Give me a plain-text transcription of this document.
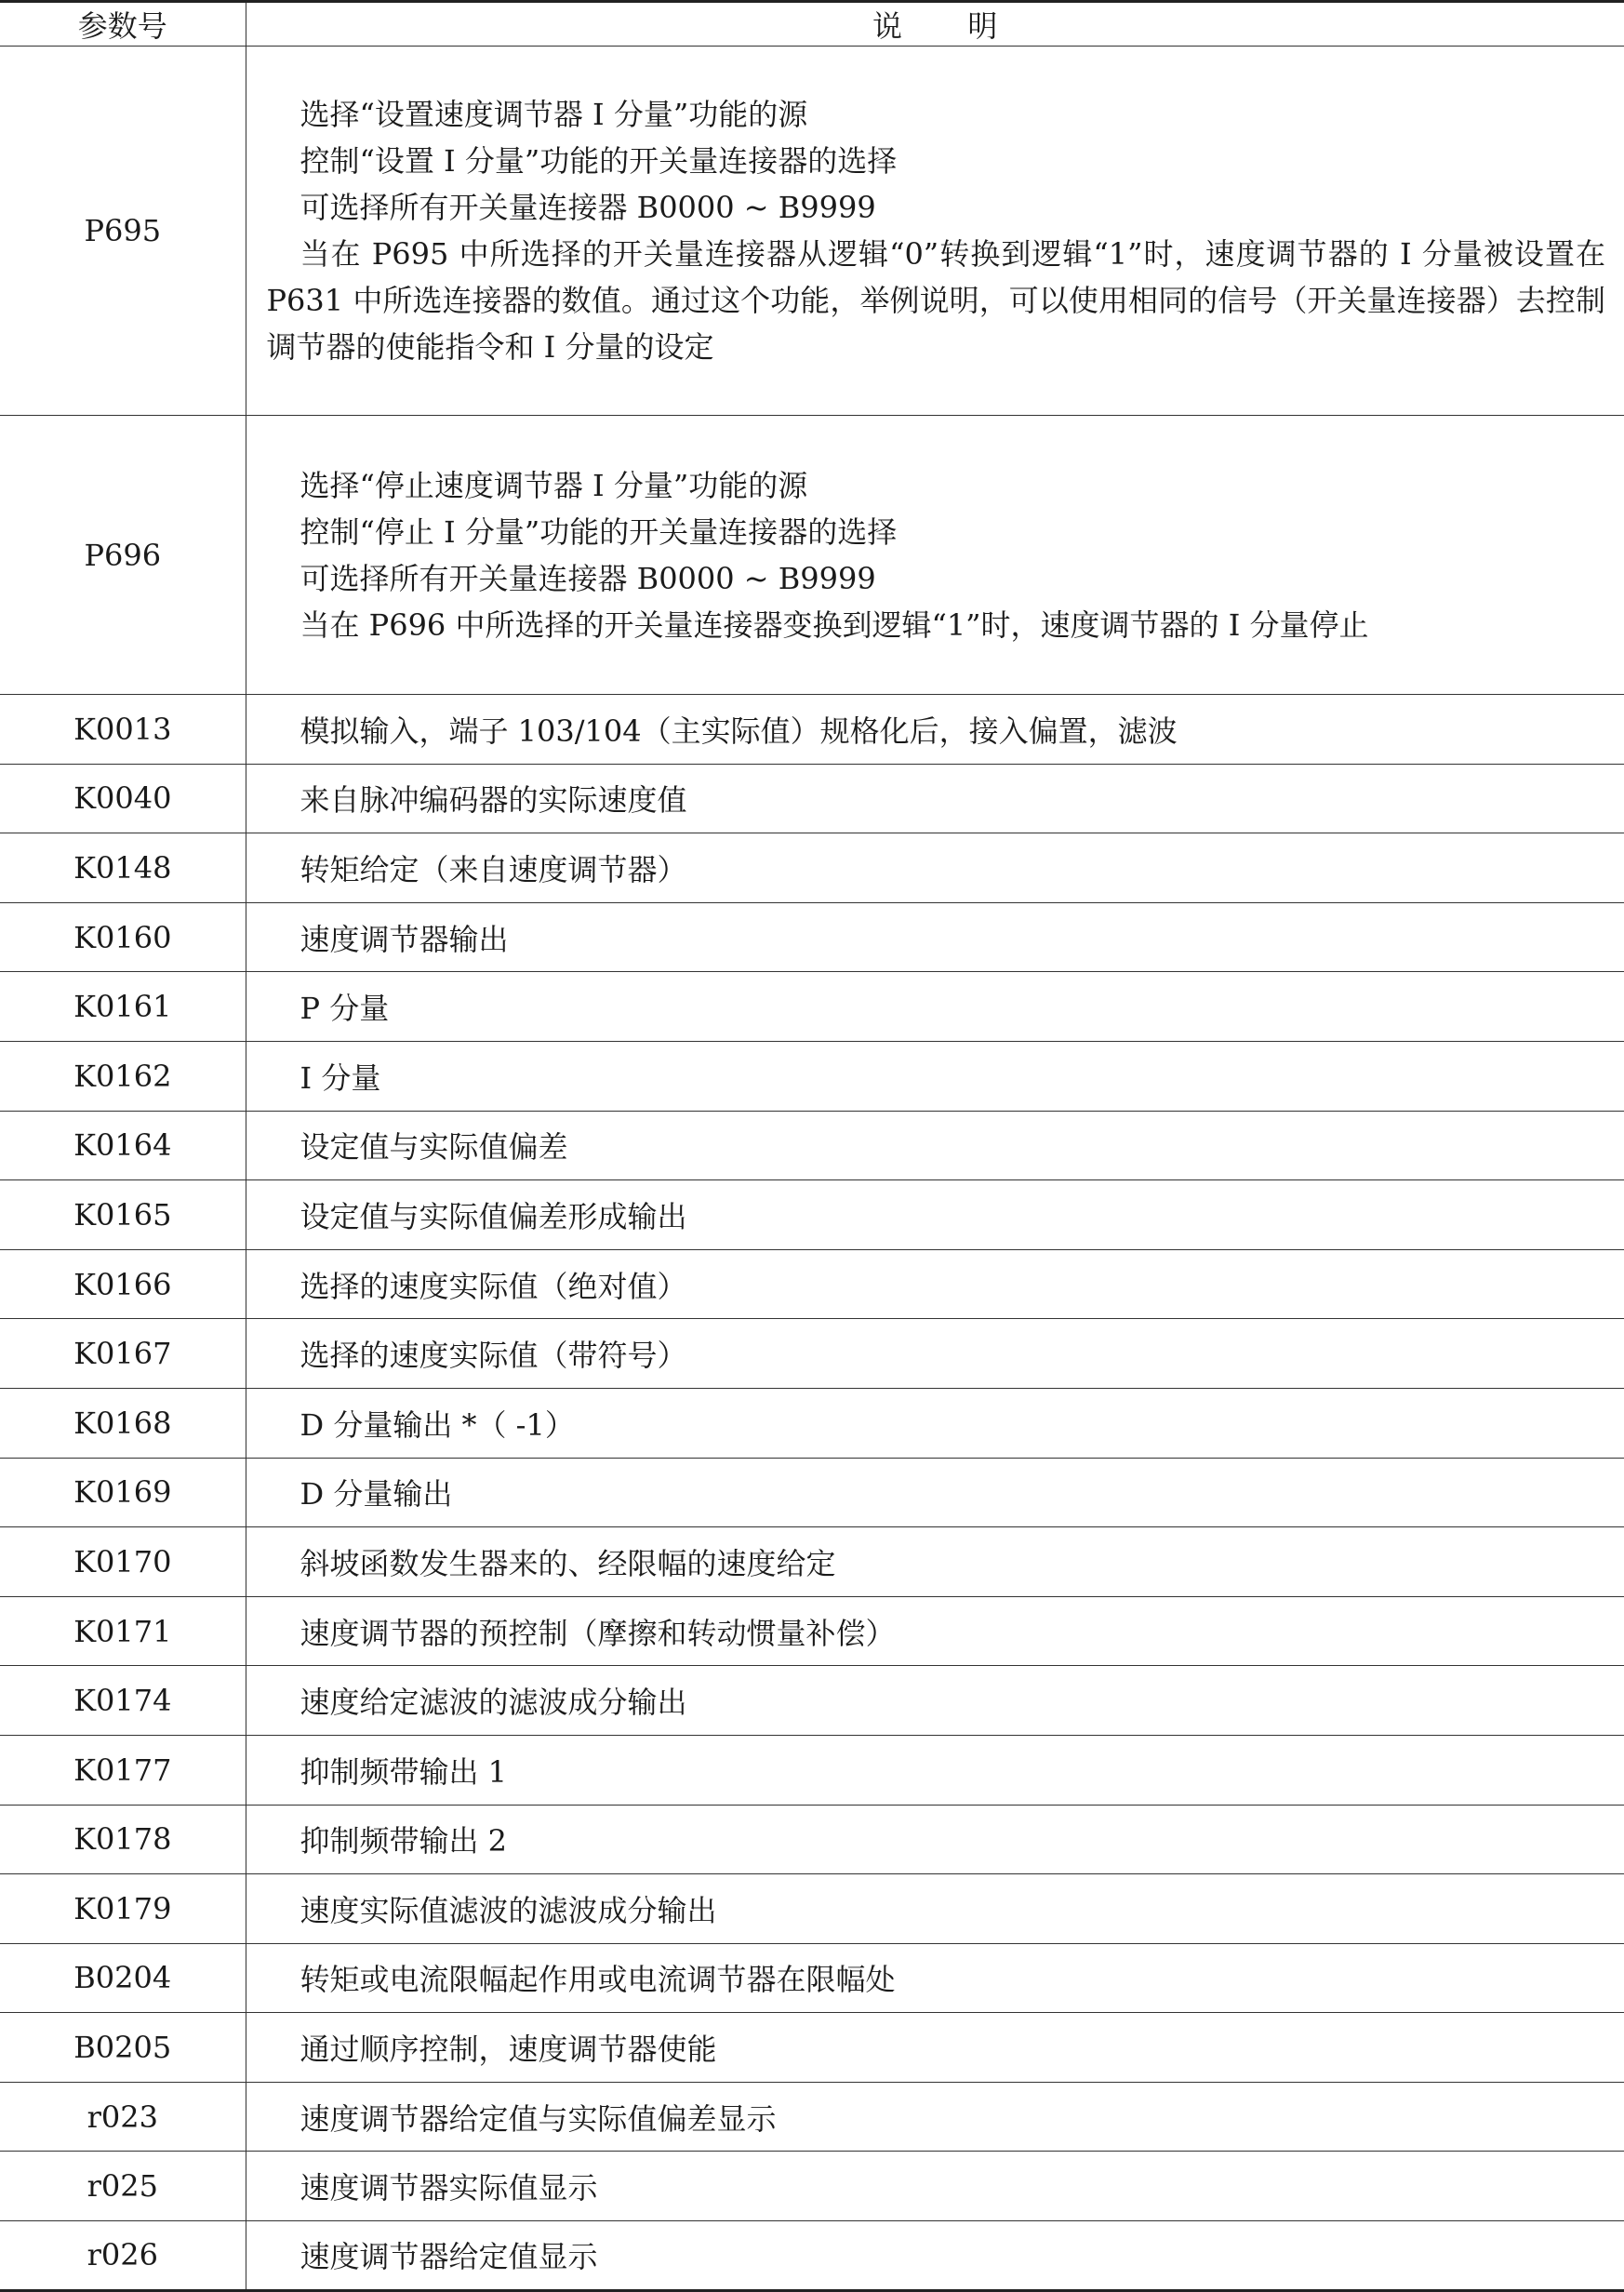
参数号	说明
P695	选择“设置速度调节器 I 分量”功能的源
控制“设置 I 分量”功能的开关量连接器的选择
可选择所有开关量连接器 B0000 ~ B9999
当在 P695 中所选择的开关量连接器从逻辑“0”转换到逻辑“1”时，速度调节器的 I 分量被设置在 P631 中所选连接器的数值。通过这个功能，举例说明，可以使用相同的信号（开关量连接器）去控制调节器的使能指令和 I 分量的设定

P696	选择“停止速度调节器 I 分量”功能的源
控制“停止 I 分量”功能的开关量连接器的选择
可选择所有开关量连接器 B0000 ~ B9999
当在 P696 中所选择的开关量连接器变换到逻辑“1”时，速度调节器的 I 分量停止

K0013	模拟输入，端子 103/104（主实际值）规格化后，接入偏置，滤波
K0040	来自脉冲编码器的实际速度值
K0148	转矩给定（来自速度调节器）
K0160	速度调节器输出
K0161	P 分量
K0162	I 分量
K0164	设定值与实际值偏差
K0165	设定值与实际值偏差形成输出
K0166	选择的速度实际值（绝对值）
K0167	选择的速度实际值（带符号）
K0168	D 分量输出 *（ -1）
K0169	D 分量输出
K0170	斜坡函数发生器来的、经限幅的速度给定
K0171	速度调节器的预控制（摩擦和转动惯量补偿）
K0174	速度给定滤波的滤波成分输出
K0177	抑制频带输出 1
K0178	抑制频带输出 2
K0179	速度实际值滤波的滤波成分输出
B0204	转矩或电流限幅起作用或电流调节器在限幅处
B0205	通过顺序控制，速度调节器使能
r023	速度调节器给定值与实际值偏差显示
r025	速度调节器实际值显示
r026	速度调节器给定值显示
